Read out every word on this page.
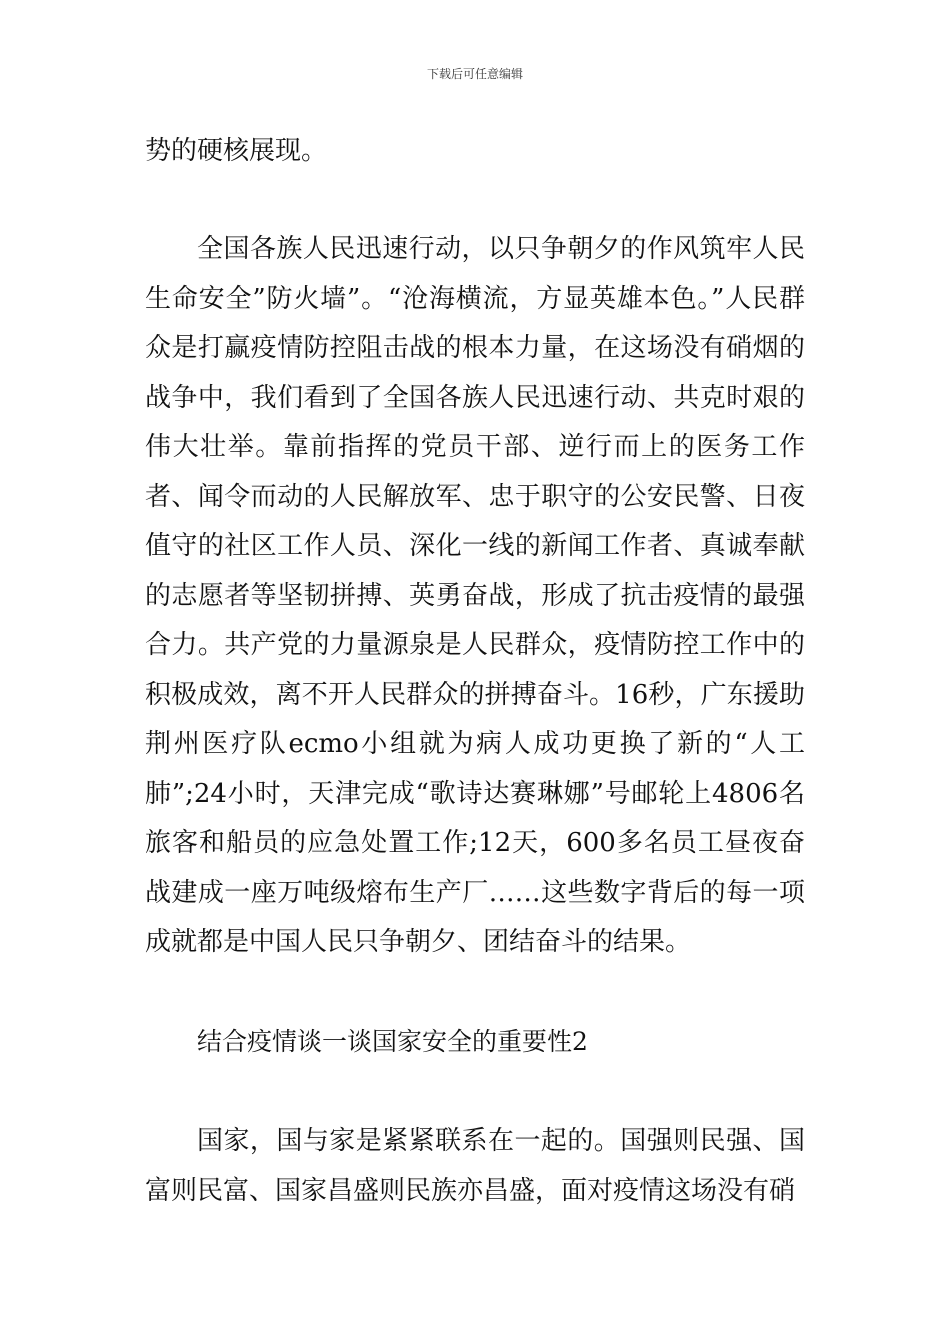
下载后可任意编辑

势的硬核展现。

全国各族人民迅速行动，以只争朝夕的作风筑牢人民生命安全”防火墙”。“沧海横流，方显英雄本色。”人民群众是打赢疫情防控阻击战的根本力量，在这场没有硝烟的战争中，我们看到了全国各族人民迅速行动、共克时艰的伟大壮举。靠前指挥的党员干部、逆行而上的医务工作者、闻令而动的人民解放军、忠于职守的公安民警、日夜值守的社区工作人员、深化一线的新闻工作者、真诚奉献的志愿者等坚韧拼搏、英勇奋战，形成了抗击疫情的最强合力。共产党的力量源泉是人民群众，疫情防控工作中的积极成效，离不开人民群众的拼搏奋斗。16秒，广东援助荆州医疗队ecmo小组就为病人成功更换了新的“人工肺”;24小时，天津完成“歌诗达赛琳娜”号邮轮上4806名旅客和船员的应急处置工作;12天，600多名员工昼夜奋战建成一座万吨级熔布生产厂……这些数字背后的每一项成就都是中国人民只争朝夕、团结奋斗的结果。

结合疫情谈一谈国家安全的重要性2

国家，国与家是紧紧联系在一起的。国强则民强、国富则民富、国家昌盛则民族亦昌盛，面对疫情这场没有硝
